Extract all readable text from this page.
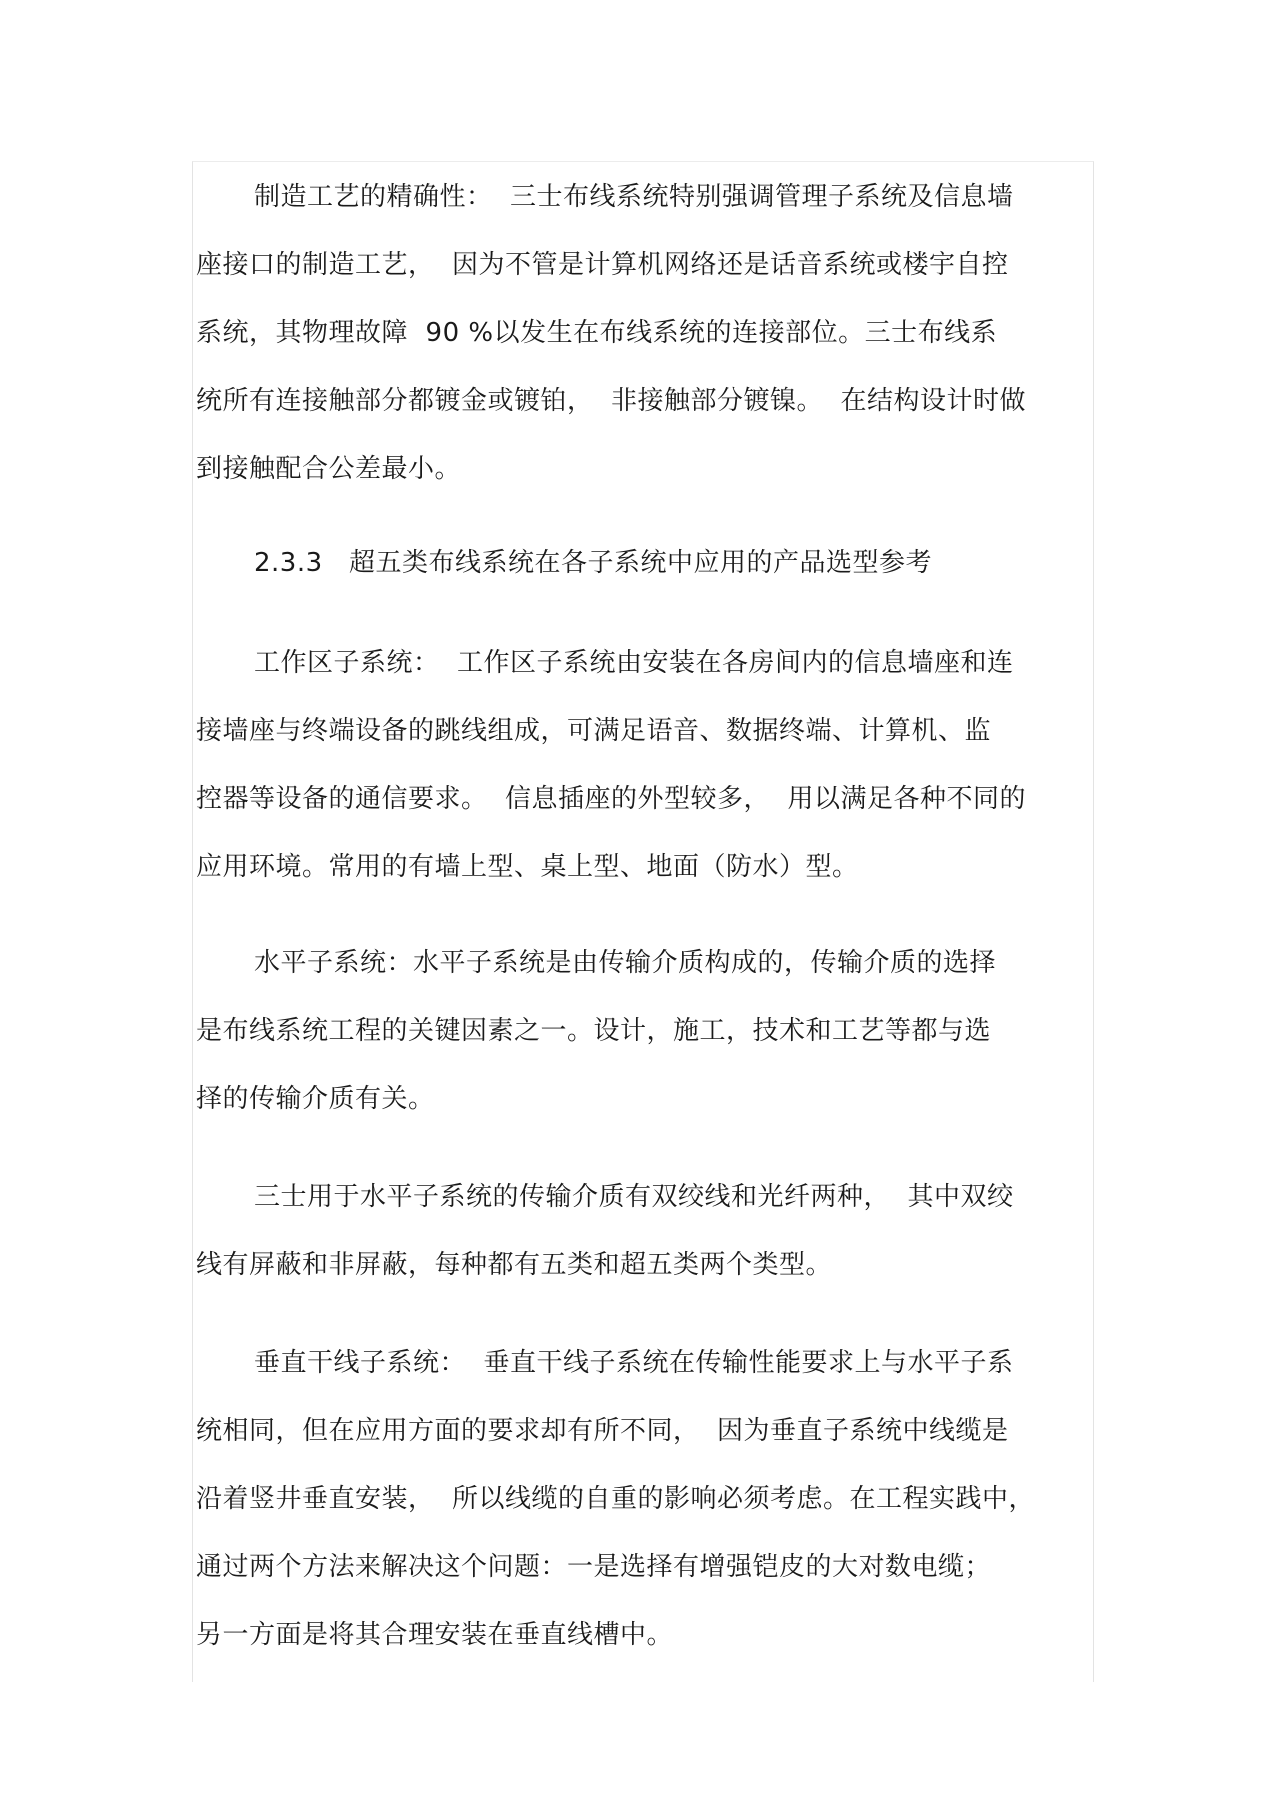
制造工艺的精确性：  三士布线系统特别强调管理子系统及信息墙
座接口的制造工艺，  因为不管是计算机网络还是话音系统或楼宇自控
系统，其物理故障  90 %以发生在布线系统的连接部位。三士布线系
统所有连接触部分都镀金或镀铂，  非接触部分镀镍。  在结构设计时做
到接触配合公差最小。
2.3.3   超五类布线系统在各子系统中应用的产品选型参考
工作区子系统：  工作区子系统由安装在各房间内的信息墙座和连
接墙座与终端设备的跳线组成，可满足语音、数据终端、计算机、监
控器等设备的通信要求。  信息插座的外型较多，  用以满足各种不同的
应用环境。常用的有墙上型、桌上型、地面（防水）型。
水平子系统：水平子系统是由传输介质构成的，传输介质的选择
是布线系统工程的关键因素之一。设计，施工，技术和工艺等都与选
择的传输介质有关。
三士用于水平子系统的传输介质有双绞线和光纤两种，  其中双绞
线有屏蔽和非屏蔽，每种都有五类和超五类两个类型。
垂直干线子系统：  垂直干线子系统在传输性能要求上与水平子系
统相同，但在应用方面的要求却有所不同，  因为垂直子系统中线缆是
沿着竖井垂直安装，  所以线缆的自重的影响必须考虑。在工程实践中，
通过两个方法来解决这个问题：一是选择有增强铠皮的大对数电缆；
另一方面是将其合理安装在垂直线槽中。
